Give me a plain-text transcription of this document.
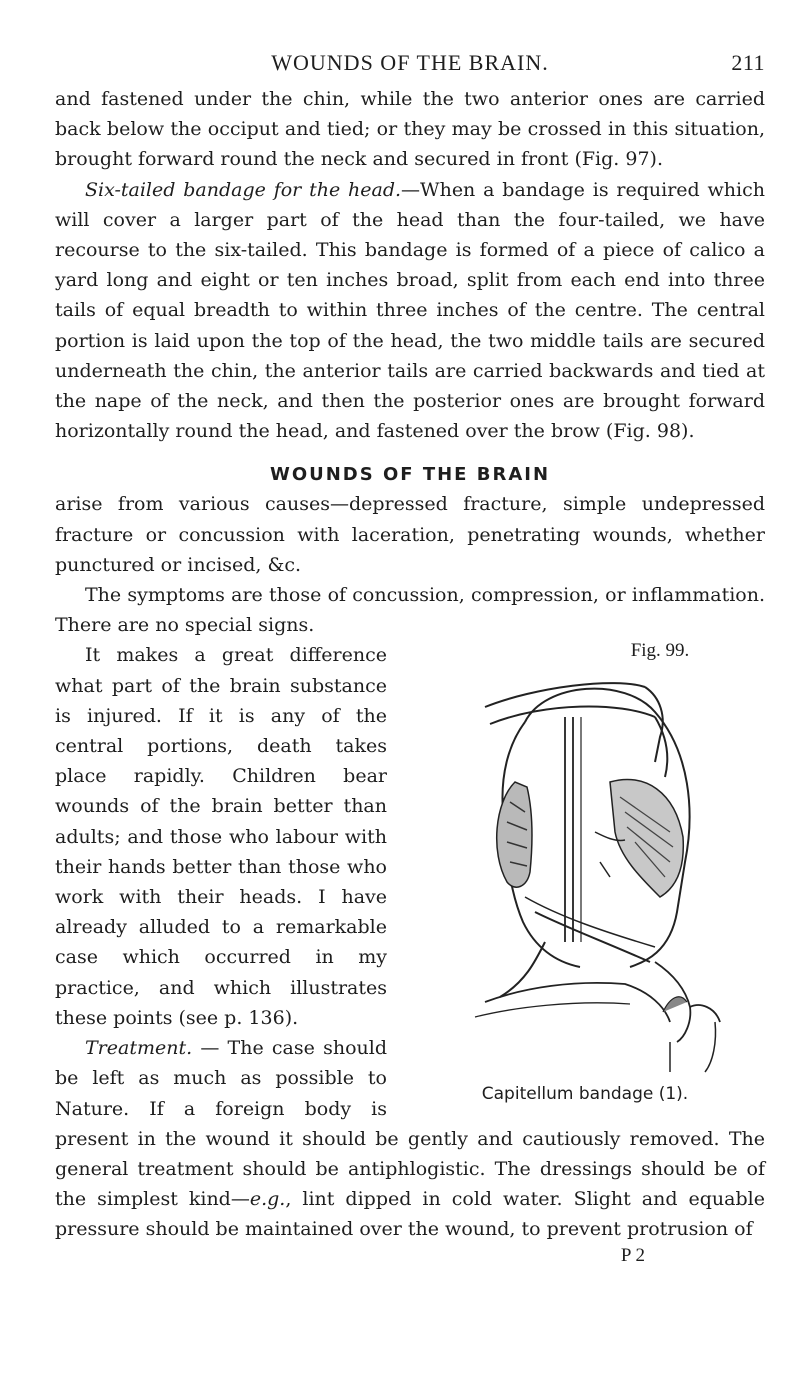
WOUNDS OF THE BRAIN.	211

and fastened under the chin, while the two anterior ones are carried back below the occiput and tied; or they may be crossed in this situation, brought forward round the neck and secured in front (Fig. 97).

Six-tailed bandage for the head.—When a bandage is required which will cover a larger part of the head than the four-tailed, we have recourse to the six-tailed. This bandage is formed of a piece of calico a yard long and eight or ten inches broad, split from each end into three tails of equal breadth to within three inches of the centre. The central portion is laid upon the top of the head, the two middle tails are secured underneath the chin, the anterior tails are carried backwards and tied at the nape of the neck, and then the posterior ones are brought forward horizontally round the head, and fastened over the brow (Fig. 98).

WOUNDS OF THE BRAIN

arise from various causes—depressed fracture, simple undepressed fracture or concussion with laceration, penetrating wounds, whether punctured or incised, &c.

The symptoms are those of concussion, compression, or inflammation. There are no special signs.

Fig. 99.
Capitellum bandage (1).

It makes a great difference what part of the brain substance is injured. If it is any of the central portions, death takes place rapidly. Children bear wounds of the brain better than adults; and those who labour with their hands better than those who work with their heads. I have already alluded to a remarkable case which occurred in my practice, and which illustrates these points (see p. 136).

Treatment. — The case should be left as much as possible to Nature. If a foreign body is present in the wound it should be gently and cautiously removed. The general treatment should be antiphlogistic. The dressings should be of the simplest kind—e.g., lint dipped in cold water. Slight and equable pressure should be maintained over the wound, to prevent protrusion of

P 2
